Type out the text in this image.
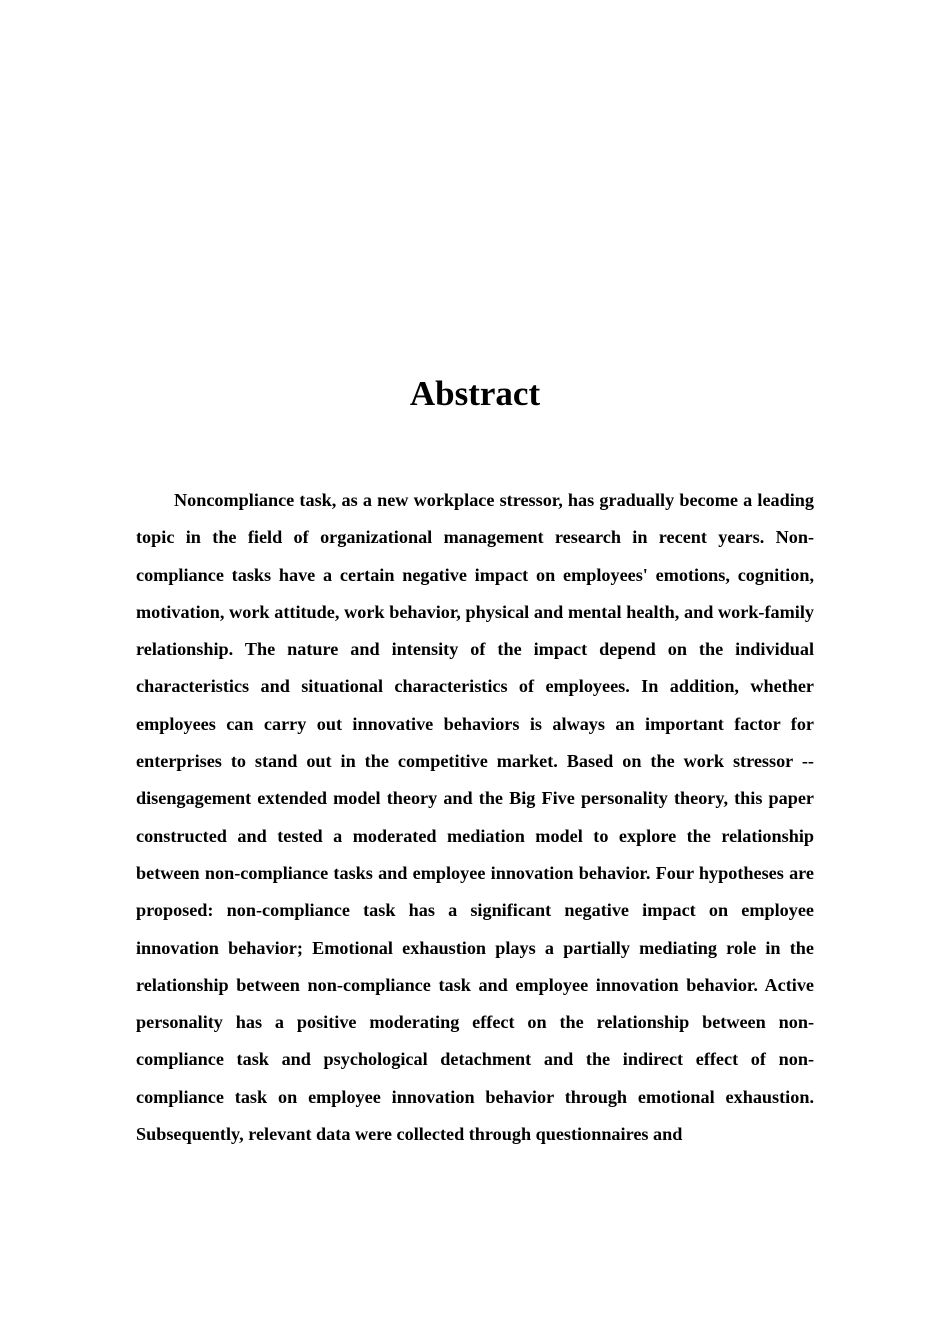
Abstract

Noncompliance task, as a new workplace stressor, has gradually become a leading topic in the field of organizational management research in recent years. Non-compliance tasks have a certain negative impact on employees' emotions, cognition, motivation, work attitude, work behavior, physical and mental health, and work-family relationship. The nature and intensity of the impact depend on the individual characteristics and situational characteristics of employees. In addition, whether employees can carry out innovative behaviors is always an important factor for enterprises to stand out in the competitive market. Based on the work stressor -- disengagement extended model theory and the Big Five personality theory, this paper constructed and tested a moderated mediation model to explore the relationship between non-compliance tasks and employee innovation behavior. Four hypotheses are proposed: non-compliance task has a significant negative impact on employee innovation behavior; Emotional exhaustion plays a partially mediating role in the relationship between non-compliance task and employee innovation behavior. Active personality has a positive moderating effect on the relationship between non-compliance task and psychological detachment and the indirect effect of non-compliance task on employee innovation behavior through emotional exhaustion. Subsequently, relevant data were collected through questionnaires and
